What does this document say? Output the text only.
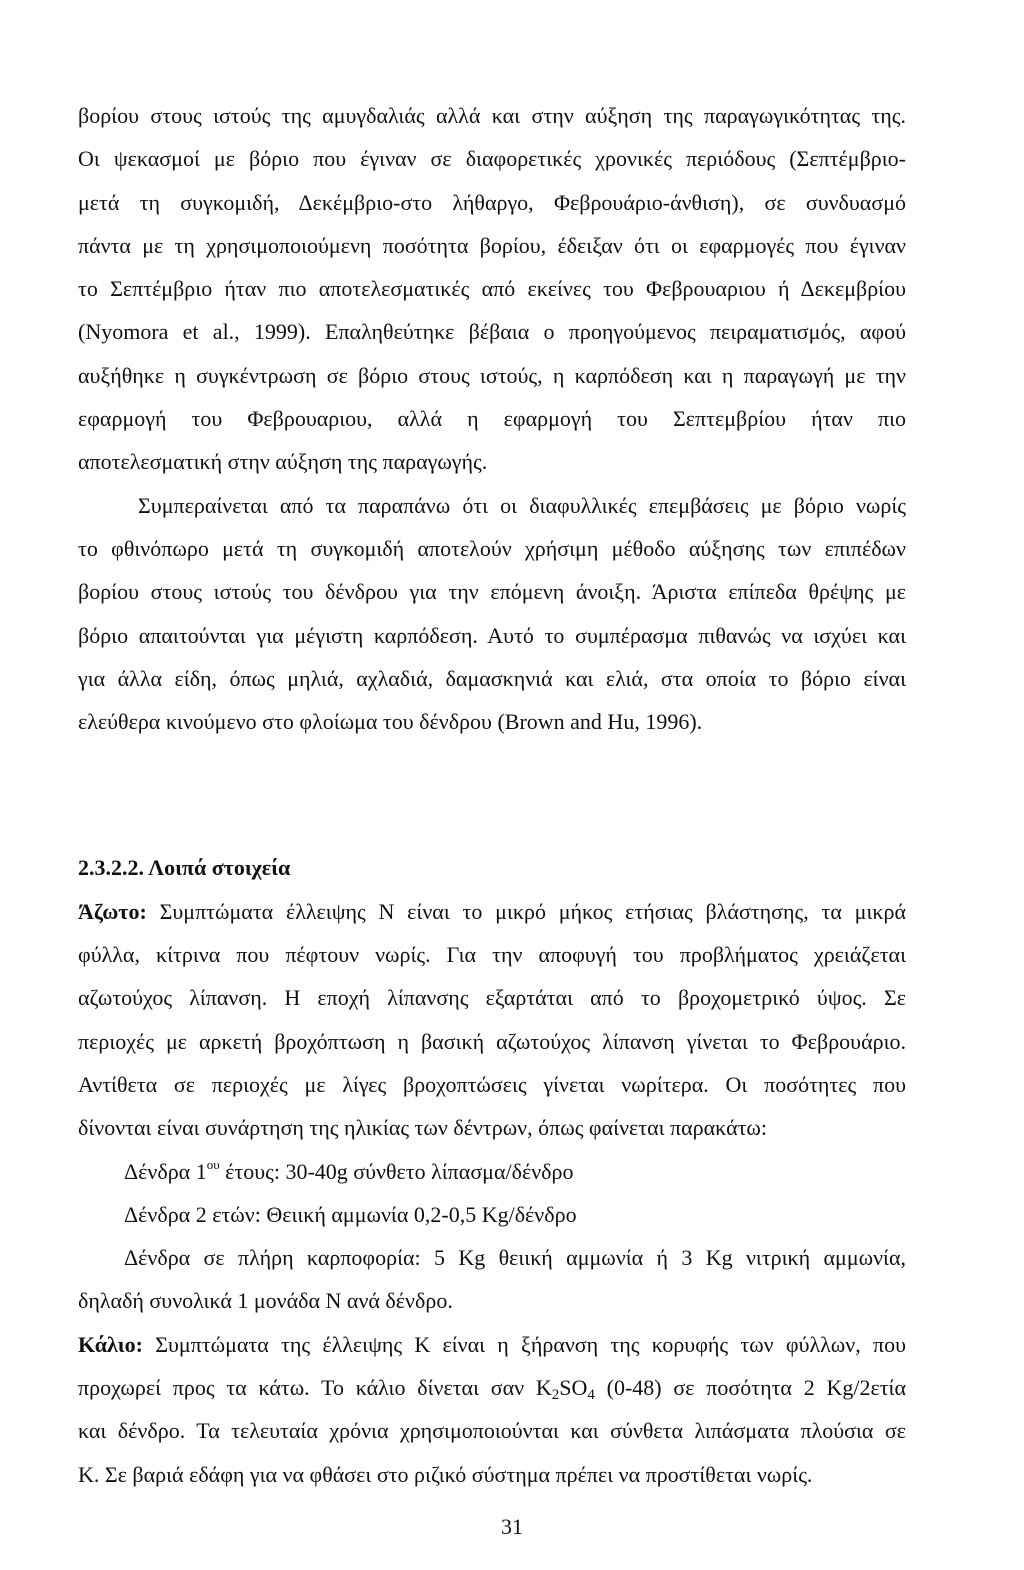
βορίου στους ιστούς της αμυγδαλιάς αλλά και στην αύξηση της παραγωγικότητας της.
Οι ψεκασμοί με βόριο που έγιναν σε διαφορετικές χρονικές περιόδους (Σεπτέμβριο-
μετά τη συγκομιδή, Δεκέμβριο-στο λήθαργο, Φεβρουάριο-άνθιση), σε συνδυασμό
πάντα με τη χρησιμοποιούμενη ποσότητα βορίου, έδειξαν ότι οι εφαρμογές που έγιναν
το Σεπτέμβριο ήταν πιο αποτελεσματικές από εκείνες του Φεβρουαριου ή Δεκεμβρίου
(Nyomora et al., 1999). Επαληθεύτηκε βέβαια ο προηγούμενος πειραματισμός, αφού
αυξήθηκε η συγκέντρωση σε βόριο στους ιστούς, η καρπόδεση και η παραγωγή με την
εφαρμογή του Φεβρουαριου, αλλά η εφαρμογή του Σεπτεμβρίου ήταν πιο
αποτελεσματική στην αύξηση της παραγωγής.

Συμπεραίνεται από τα παραπάνω ότι οι διαφυλλικές επεμβάσεις με βόριο νωρίς
το φθινόπωρο μετά τη συγκομιδή αποτελούν χρήσιμη μέθοδο αύξησης των επιπέδων
βορίου στους ιστούς του δένδρου για την επόμενη άνοιξη. Άριστα επίπεδα θρέψης με
βόριο απαιτούνται για μέγιστη καρπόδεση. Αυτό το συμπέρασμα πιθανώς να ισχύει και
για άλλα είδη, όπως μηλιά, αχλαδιά, δαμασκηνιά και ελιά, στα οποία το βόριο είναι
ελεύθερα κινούμενο στο φλοίωμα του δένδρου (Brown and Hu, 1996).

2.3.2.2. Λοιπά στοιχεία

Άζωτο: Συμπτώματα έλλειψης Ν είναι το μικρό μήκος ετήσιας βλάστησης, τα μικρά
φύλλα, κίτρινα που πέφτουν νωρίς. Για την αποφυγή του προβλήματος χρειάζεται
αζωτούχος λίπανση. Η εποχή λίπανσης εξαρτάται από το βροχομετρικό ύψος. Σε
περιοχές με αρκετή βροχόπτωση η βασική αζωτούχος λίπανση γίνεται το Φεβρουάριο.
Αντίθετα σε περιοχές με λίγες βροχοπτώσεις γίνεται νωρίτερα. Οι ποσότητες που
δίνονται είναι συνάρτηση της ηλικίας των δέντρων, όπως φαίνεται παρακάτω:
Δένδρα $1^{o\upsilon}$ έτους: 30-40g σύνθετο λίπασμα/δένδρο
Δένδρα 2 ετών: Θειική αμμωνία 0,2-0,5 Kg/δένδρο
Δένδρα σε πλήρη καρποφορία: 5 Kg θειική αμμωνία ή 3 Kg νιτρική αμμωνία,
δηλαδή συνολικά 1 μονάδα Ν ανά δένδρο.

Κάλιο: Συμπτώματα της έλλειψης Κ είναι η ξήρανση της κορυφής των φύλλων, που
προχωρεί προς τα κάτω. Το κάλιο δίνεται σαν $K_2SO_4$ (0-48) σε ποσότητα 2 Kg/2ετία
και δένδρο. Τα τελευταία χρόνια χρησιμοποιούνται και σύνθετα λιπάσματα πλούσια σε
Κ. Σε βαριά εδάφη για να φθάσει στο ριζικό σύστημα πρέπει να προστίθεται νωρίς.

31
